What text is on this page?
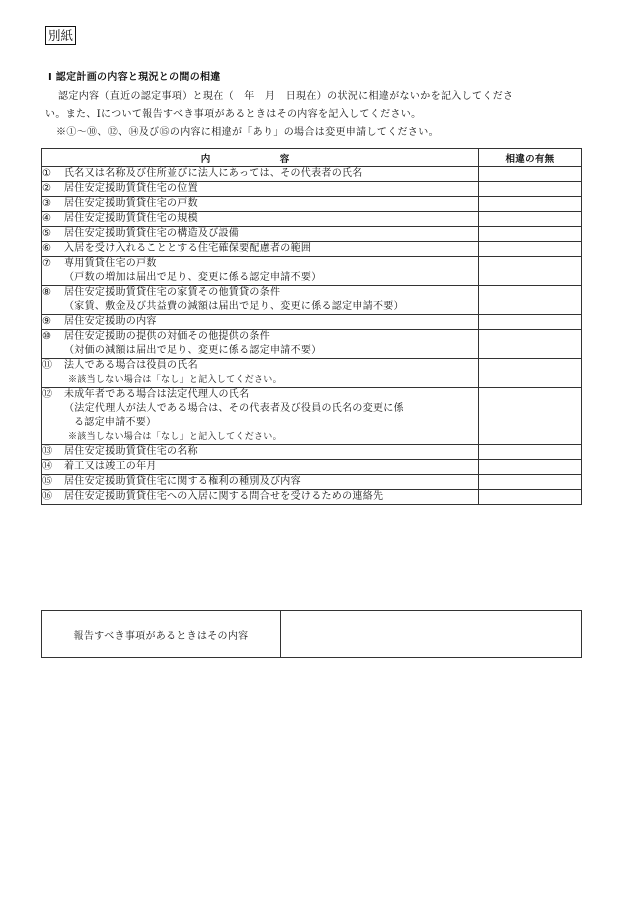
別紙
Ⅰ 認定計画の内容と現況との間の相違
認定内容（直近の認定事項）と現在（　年　月　日現在）の状況に相違がないかを記入してくださ
い。また、Ⅰについて報告すべき事項があるときはその内容を記入してください。
※①～⑩、⑫、⑭及び⑮の内容に相違が「あり」の場合は変更申請してください。
内　容	相違の有無

① 氏名又は名称及び住所並びに法人にあっては、その代表者の氏名	

② 居住安定援助賃貸住宅の位置	

③ 居住安定援助賃貸住宅の戸数	

④ 居住安定援助賃貸住宅の規模	

⑤ 居住安定援助賃貸住宅の構造及び設備	

⑥ 入居を受け入れることとする住宅確保要配慮者の範囲	

⑦ 専用賃貸住宅の戸数
（戸数の増加は届出で足り、変更に係る認定申請不要）	

⑧ 居住安定援助賃貸住宅の家賃その他賃貸の条件
（家賃、敷金及び共益費の減額は届出で足り、変更に係る認定申請不要）	

⑨ 居住安定援助の内容	

⑩ 居住安定援助の提供の対価その他提供の条件
（対価の減額は届出で足り、変更に係る認定申請不要）	

⑪ 法人である場合は役員の氏名
※該当しない場合は「なし」と記入してください。	

⑫ 未成年者である場合は法定代理人の氏名
（法定代理人が法人である場合は、その代表者及び役員の氏名の変更に係
る認定申請不要）
※該当しない場合は「なし」と記入してください。	

⑬ 居住安定援助賃貸住宅の名称	

⑭ 着工又は竣工の年月	

⑮ 居住安定援助賃貸住宅に関する権利の種別及び内容	

⑯ 居住安定援助賃貸住宅への入居に関する問合せを受けるための連絡先	

報告すべき事項があるときはその内容	
